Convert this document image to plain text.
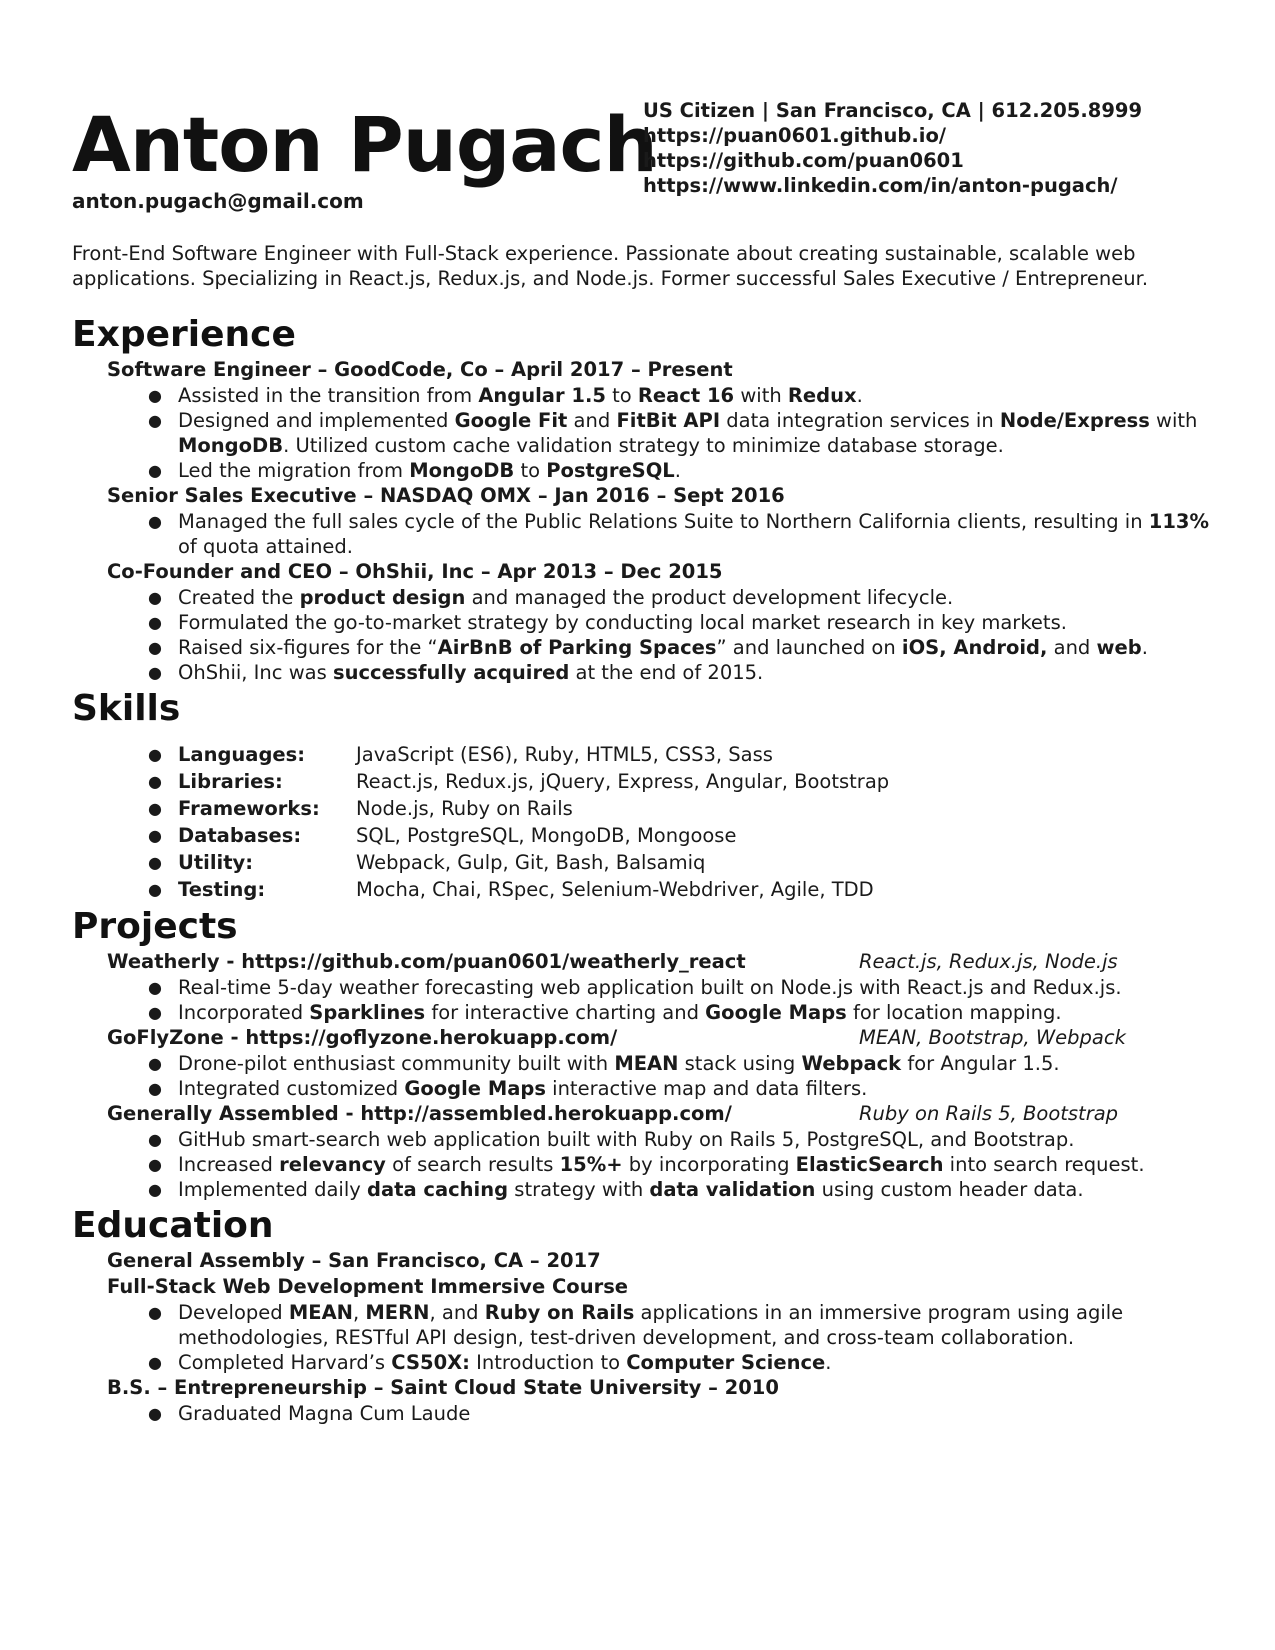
Anton Pugach
anton.pugach@gmail.com
US Citizen | San Francisco, CA | 612.205.8999
https://puan0601.github.io/
https://github.com/puan0601
https://www.linkedin.com/in/anton-pugach/

Front-End Software Engineer with Full-Stack experience. Passionate about creating sustainable, scalable web applications. Specializing in React.js, Redux.js, and Node.js. Former successful Sales Executive / Entrepreneur.

Experience
Software Engineer – GoodCode, Co – April 2017 – Present
● Assisted in the transition from Angular 1.5 to React 16 with Redux.
● Designed and implemented Google Fit and FitBit API data integration services in Node/Express with MongoDB. Utilized custom cache validation strategy to minimize database storage.
● Led the migration from MongoDB to PostgreSQL.
Senior Sales Executive – NASDAQ OMX – Jan 2016 – Sept 2016
● Managed the full sales cycle of the Public Relations Suite to Northern California clients, resulting in 113% of quota attained.
Co-Founder and CEO – OhShii, Inc – Apr 2013 – Dec 2015
● Created the product design and managed the product development lifecycle.
● Formulated the go-to-market strategy by conducting local market research in key markets.
● Raised six-figures for the “AirBnB of Parking Spaces” and launched on iOS, Android, and web.
● OhShii, Inc was successfully acquired at the end of 2015.
Skills
● Languages:	JavaScript (ES6), Ruby, HTML5, CSS3, Sass
● Libraries:	React.js, Redux.js, jQuery, Express, Angular, Bootstrap
● Frameworks:	Node.js, Ruby on Rails
● Databases:	SQL, PostgreSQL, MongoDB, Mongoose
● Utility:	Webpack, Gulp, Git, Bash, Balsamiq
● Testing:	Mocha, Chai, RSpec, Selenium-Webdriver, Agile, TDD
Projects
Weatherly - https://github.com/puan0601/weatherly_react	React.js, Redux.js, Node.js
● Real-time 5-day weather forecasting web application built on Node.js with React.js and Redux.js.
● Incorporated Sparklines for interactive charting and Google Maps for location mapping.
GoFlyZone - https://goflyzone.herokuapp.com/	MEAN, Bootstrap, Webpack
● Drone-pilot enthusiast community built with MEAN stack using Webpack for Angular 1.5.
● Integrated customized Google Maps interactive map and data filters.
Generally Assembled - http://assembled.herokuapp.com/	Ruby on Rails 5, Bootstrap
● GitHub smart-search web application built with Ruby on Rails 5, PostgreSQL, and Bootstrap.
● Increased relevancy of search results 15%+ by incorporating ElasticSearch into search request.
● Implemented daily data caching strategy with data validation using custom header data.
Education
General Assembly – San Francisco, CA – 2017
Full-Stack Web Development Immersive Course
● Developed MEAN, MERN, and Ruby on Rails applications in an immersive program using agile methodologies, RESTful API design, test-driven development, and cross-team collaboration.
● Completed Harvard’s CS50X: Introduction to Computer Science.
B.S. – Entrepreneurship – Saint Cloud State University – 2010
● Graduated Magna Cum Laude
